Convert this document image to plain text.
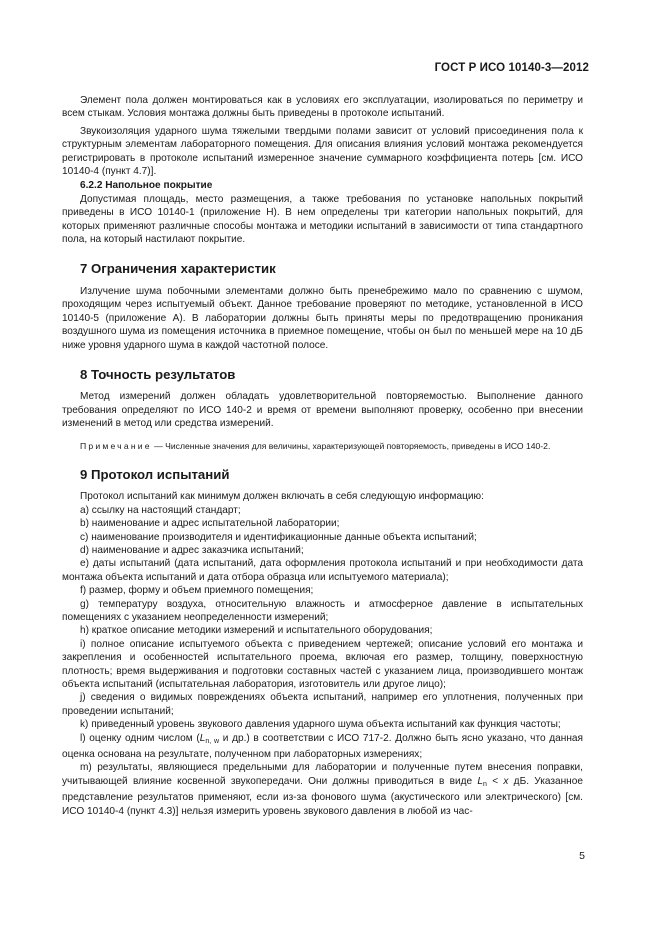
ГОСТ Р ИСО 10140-3—2012

Элемент пола должен монтироваться как в условиях его эксплуатации, изолироваться по периметру и всем стыкам. Условия монтажа должны быть приведены в протоколе испытаний.

Звукоизоляция ударного шума тяжелыми твердыми полами зависит от условий присоединения пола к структурным элементам лабораторного помещения. Для описания влияния условий монтажа рекомендуется регистрировать в протоколе испытаний измеренное значение суммарного коэффициента потерь [см. ИСО 10140-4 (пункт 4.7)].

6.2.2 Напольное покрытие

Допустимая площадь, место размещения, а также требования по установке напольных покрытий приведены в ИСО 10140-1 (приложение Н). В нем определены три категории напольных покрытий, для которых применяют различные способы монтажа и методики испытаний в зависимости от типа стандартного пола, на который настилают покрытие.

7 Ограничения характеристик

Излучение шума побочными элементами должно быть пренебрежимо мало по сравнению с шумом, проходящим через испытуемый объект. Данное требование проверяют по методике, установленной в ИСО 10140-5 (приложение А). В лаборатории должны быть приняты меры по предотвращению проникания воздушного шума из помещения источника в приемное помещение, чтобы он был по меньшей мере на 10 дБ ниже уровня ударного шума в каждой частотной полосе.

8 Точность результатов

Метод измерений должен обладать удовлетворительной повторяемостью. Выполнение данного требования определяют по ИСО 140-2 и время от времени выполняют проверку, особенно при внесении изменений в метод или средства измерений.

Примечание — Численные значения для величины, характеризующей повторяемость, приведены в ИСО 140-2.

9 Протокол испытаний

Протокол испытаний как минимум должен включать в себя следующую информацию:

a) ссылку на настоящий стандарт;

b) наименование и адрес испытательной лаборатории;

c) наименование производителя и идентификационные данные объекта испытаний;

d) наименование и адрес заказчика испытаний;

e) даты испытаний (дата испытаний, дата оформления протокола испытаний и при необходимости дата монтажа объекта испытаний и дата отбора образца или испытуемого материала);

f) размер, форму и объем приемного помещения;

g) температуру воздуха, относительную влажность и атмосферное давление в испытательных помещениях с указанием неопределенности измерений;

h) краткое описание методики измерений и испытательного оборудования;

i) полное описание испытуемого объекта с приведением чертежей; описание условий его монтажа и закрепления и особенностей испытательного проема, включая его размер, толщину, поверхностную плотность; время выдерживания и подготовки составных частей с указанием лица, производившего монтаж объекта испытаний (испытательная лаборатория, изготовитель или другое лицо);

j) сведения о видимых повреждениях объекта испытаний, например его уплотнения, полученных при проведении испытаний;

k) приведенный уровень звукового давления ударного шума объекта испытаний как функция частоты;

l) оценку одним числом ($L_{n, w}$ и др.) в соответствии с ИСО 717-2. Должно быть ясно указано, что данная оценка основана на результате, полученном при лабораторных измерениях;

m) результаты, являющиеся предельными для лаборатории и полученные путем внесения поправки, учитывающей влияние косвенной звукопередачи. Они должны приводиться в виде $L_n < x$ дБ. Указанное представление результатов применяют, если из-за фонового шума (акустического или электрического) [см. ИСО 10140-4 (пункт 4.3)] нельзя измерить уровень звукового давления в любой из час-

5
